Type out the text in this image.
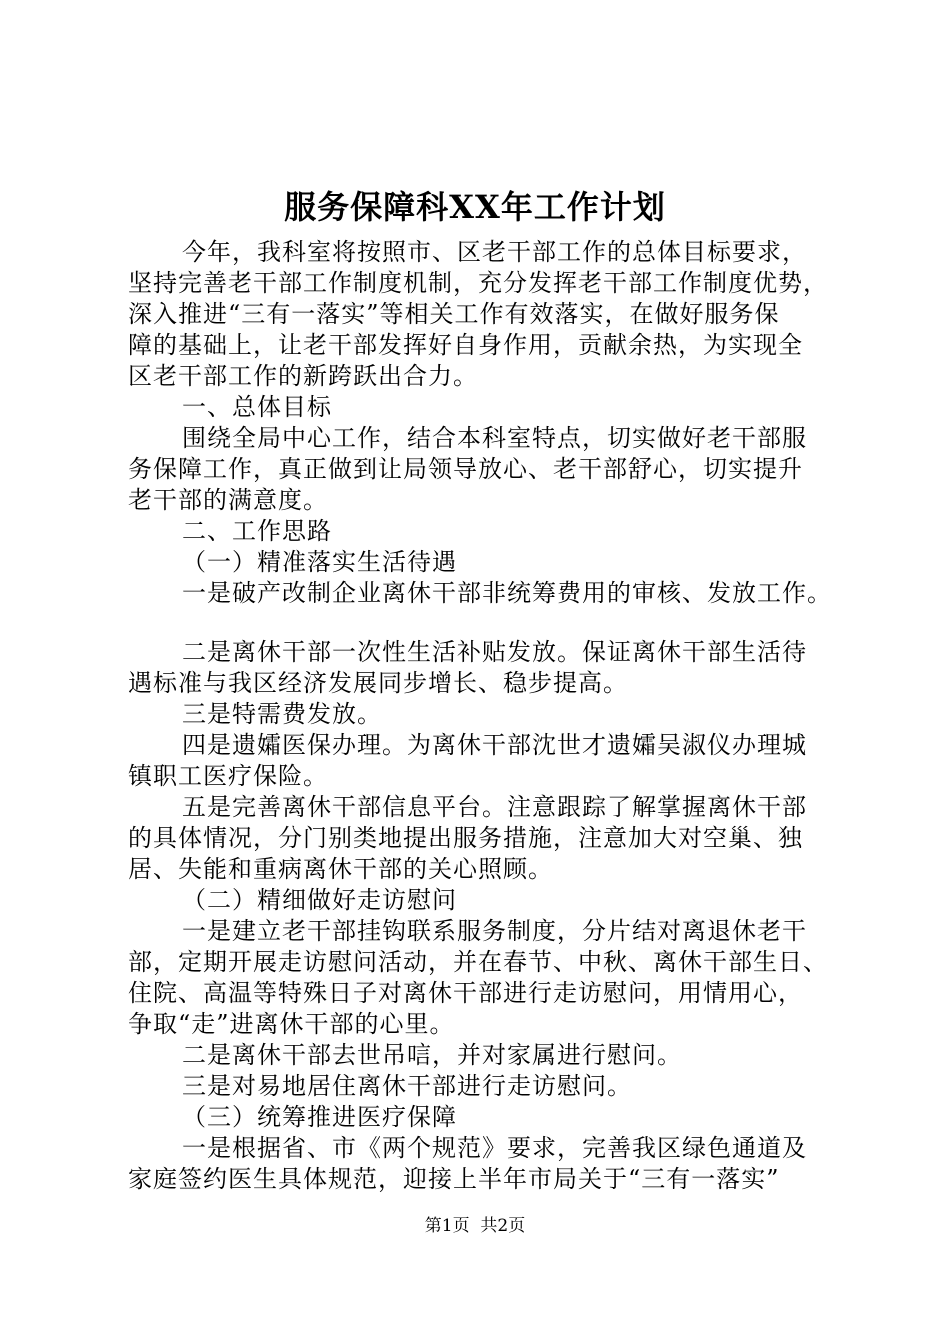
服务保障科XX年工作计划
今年，我科室将按照市、区老干部工作的总体目标要求，
坚持完善老干部工作制度机制，充分发挥老干部工作制度优势，
深入推进“三有一落实”等相关工作有效落实，在做好服务保
障的基础上，让老干部发挥好自身作用，贡献余热，为实现全
区老干部工作的新跨跃出合力。
一、总体目标
围绕全局中心工作，结合本科室特点，切实做好老干部服
务保障工作，真正做到让局领导放心、老干部舒心，切实提升
老干部的满意度。
二、工作思路
（一）精准落实生活待遇
一是破产改制企业离休干部非统筹费用的审核、发放工作。
二是离休干部一次性生活补贴发放。保证离休干部生活待
遇标准与我区经济发展同步增长、稳步提高。
三是特需费发放。
四是遗孀医保办理。为离休干部沈世才遗孀吴淑仪办理城
镇职工医疗保险。
五是完善离休干部信息平台。注意跟踪了解掌握离休干部
的具体情况，分门别类地提出服务措施，注意加大对空巢、独
居、失能和重病离休干部的关心照顾。
（二）精细做好走访慰问
一是建立老干部挂钩联系服务制度，分片结对离退休老干
部，定期开展走访慰问活动，并在春节、中秋、离休干部生日、
住院、高温等特殊日子对离休干部进行走访慰问，用情用心，
争取“走”进离休干部的心里。
二是离休干部去世吊唁，并对家属进行慰问。
三是对易地居住离休干部进行走访慰问。
（三）统筹推进医疗保障
一是根据省、市《两个规范》要求，完善我区绿色通道及
家庭签约医生具体规范，迎接上半年市局关于“三有一落实”
第1页  共2页
